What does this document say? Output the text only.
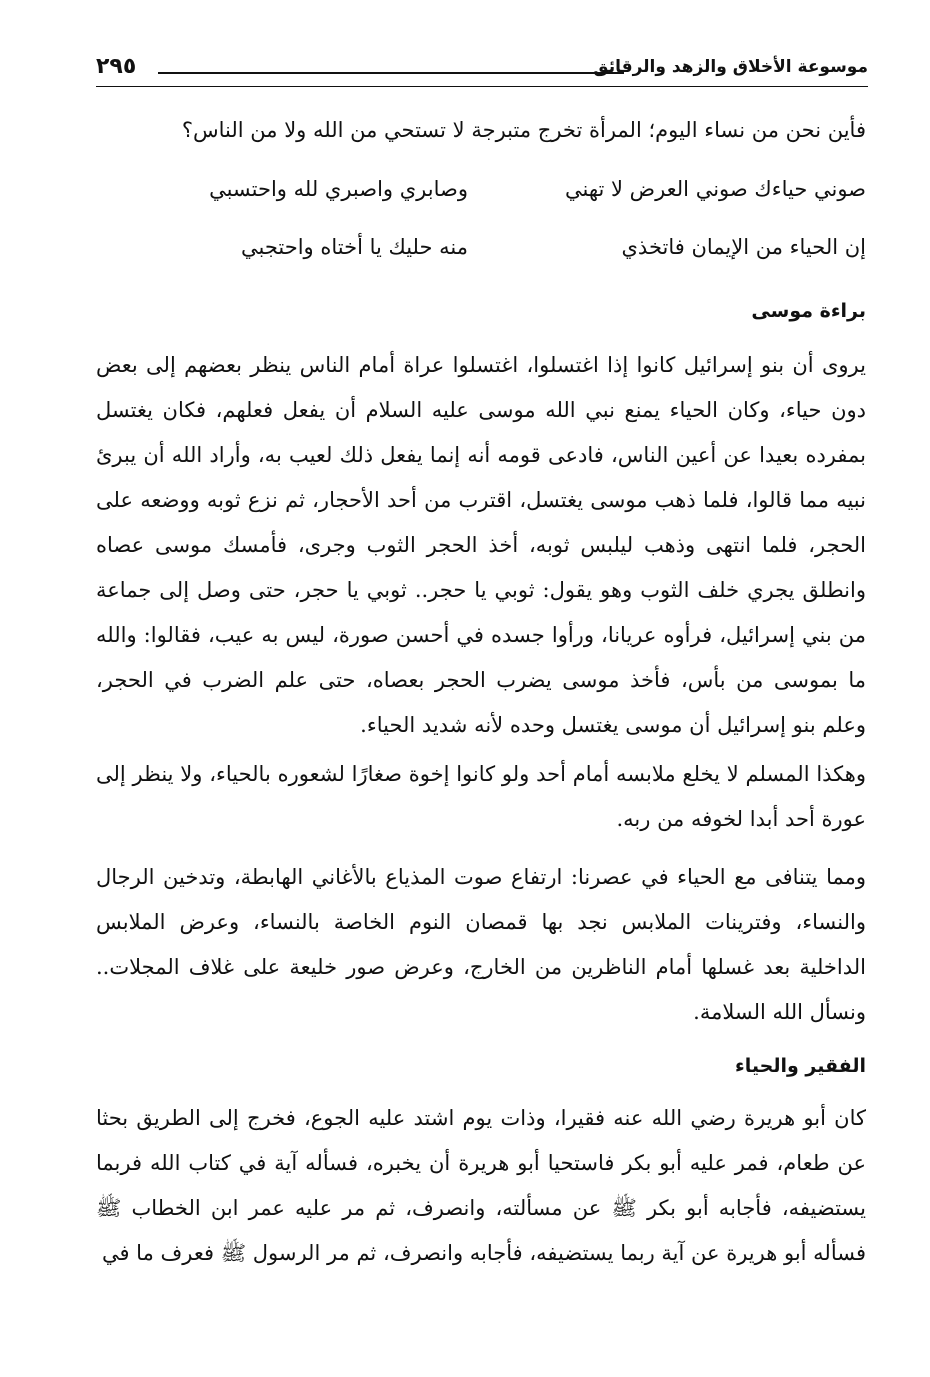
موسوعة الأخلاق والزهد والرقائق
٢٩٥
فأين نحن من نساء اليوم؛ المرأة تخرج متبرجة لا تستحي من الله ولا من الناس؟
صوني حياءك صوني العرض لا تهني
وصابري واصبري لله واحتسبي
إن الحياء من الإيمان فاتخذي
منه حليك يا أختاه واحتجبي
براءة موسى
يروى أن بنو إسرائيل كانوا إذا اغتسلوا، اغتسلوا عراة أمام الناس ينظر بعضهم إلى بعض دون حياء، وكان الحياء يمنع نبي الله موسى عليه السلام أن يفعل فعلهم، فكان يغتسل بمفرده بعيدا عن أعين الناس، فادعى قومه أنه إنما يفعل ذلك لعيب به، وأراد الله أن يبرئ نبيه مما قالوا، فلما ذهب موسى يغتسل، اقترب من أحد الأحجار، ثم نزع ثوبه ووضعه على الحجر، فلما انتهى وذهب ليلبس ثوبه، أخذ الحجر الثوب وجرى، فأمسك موسى عصاه وانطلق يجري خلف الثوب وهو يقول: ثوبي يا حجر.. ثوبي يا حجر، حتى وصل إلى جماعة من بني إسرائيل، فرأوه عريانا، ورأوا جسده في أحسن صورة، ليس به عيب، فقالوا: والله ما بموسى من بأس، فأخذ موسى يضرب الحجر بعصاه، حتى علم الضرب في الحجر، وعلم بنو إسرائيل أن موسى يغتسل وحده لأنه شديد الحياء.
وهكذا المسلم لا يخلع ملابسه أمام أحد ولو كانوا إخوة صغارًا لشعوره بالحياء، ولا ينظر إلى عورة أحد أبدا لخوفه من ربه.
ومما يتنافى مع الحياء في عصرنا: ارتفاع صوت المذياع بالأغاني الهابطة، وتدخين الرجال والنساء، وفترينات الملابس نجد بها قمصان النوم الخاصة بالنساء، وعرض الملابس الداخلية بعد غسلها أمام الناظرين من الخارج، وعرض صور خليعة على غلاف المجلات.. ونسأل الله السلامة.
الفقير والحياء
كان أبو هريرة رضي الله عنه فقيرا، وذات يوم اشتد عليه الجوع، فخرج إلى الطريق بحثا عن طعام، فمر عليه أبو بكر فاستحيا أبو هريرة أن يخبره، فسأله آية في كتاب الله فربما يستضيفه، فأجابه أبو بكر ﷺ عن مسألته، وانصرف، ثم مر عليه عمر ابن الخطاب ﷺ فسأله أبو هريرة عن آية ربما يستضيفه، فأجابه وانصرف، ثم مر الرسول ﷺ فعرف ما في
